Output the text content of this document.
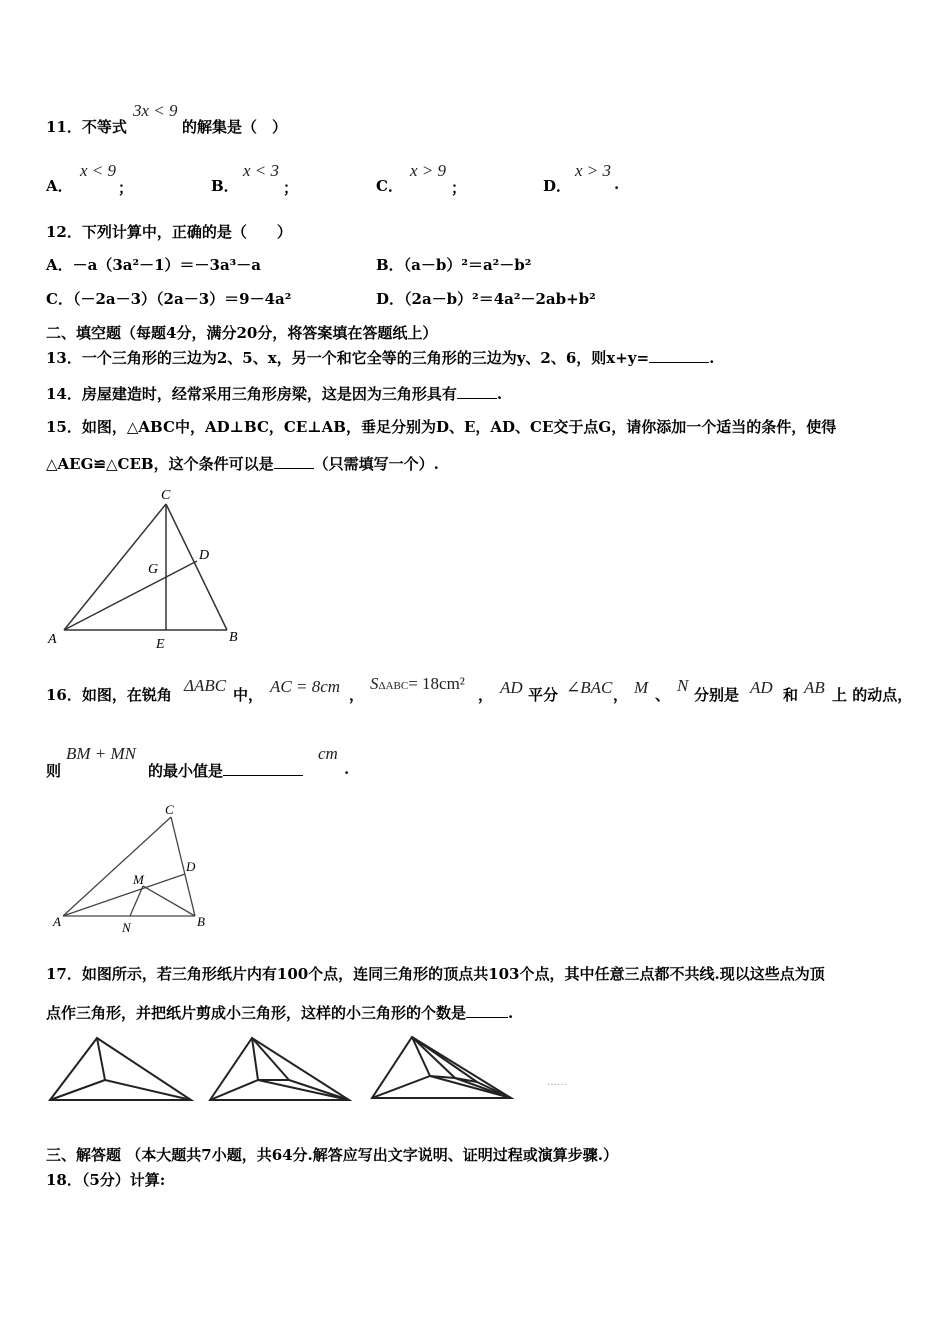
11．不等式
3x < 9
的解集是（　）
A．
x < 9
；	B．
x < 3
；	C．
x > 9
；	D．
x > 3
.
12．下列计算中，正确的是（　　）
A．－a（3a²－1）＝－3a³－a	B．（a－b）²＝a²－b²
C．（－2a－3）（2a－3）＝9－4a²	D．（2a－b）²＝4a²－2ab+b²
二、填空题（每题4分，满分20分，将答案填在答题纸上）
13．一个三角形的三边为2、5、x，另一个和它全等的三角形的三边为y、2、6，则x+y=	.
14．房屋建造时，经常采用三角形房梁，这是因为三角形具有	.
15．如图，△ABC中，AD⊥BC，CE⊥AB，垂足分别为D、E，AD、CE交于点G，请你添加一个适当的条件，使得
△AEG≌△CEB，这个条件可以是	（只需填写一个）.
C
D
G
A	E	B
16．如图，在锐角 ΔABC 中， AC = 8cm ，
SΔABC= 18cm²
， AD 平分 ∠BAC ， M 、 N 分别是 AD 和 AB 上 的动点，
则
BM + MN
的最小值是
cm
.
C
D
M
A	N	B
17．如图所示，若三角形纸片内有100个点，连同三角形的顶点共103个点，其中任意三点都不共线.现以这些点为顶
点作三角形，并把纸片剪成小三角形，这样的小三角形的个数是	.
……
三、解答题 （本大题共7小题，共64分.解答应写出文字说明、证明过程或演算步骤.）
18．（5分）计算:
